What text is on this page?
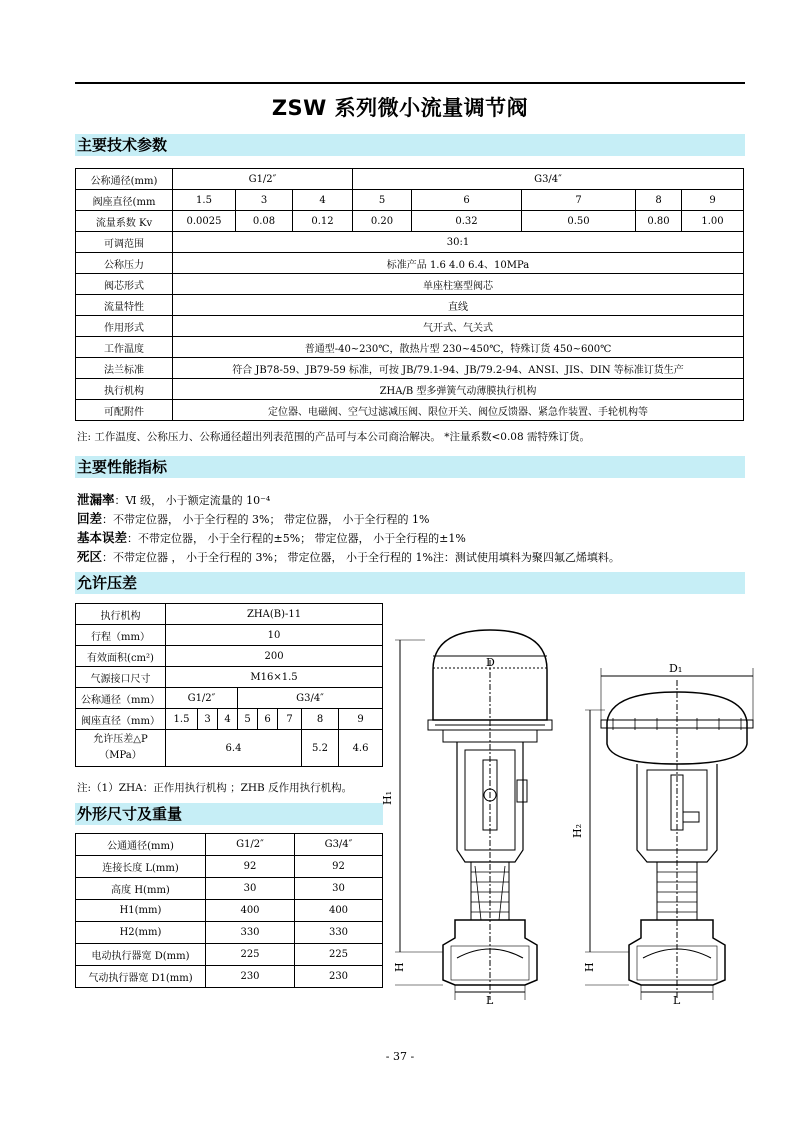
ZSW 系列微小流量调节阀
主要技术参数
公称通径(mm)	G1/2″			G3/4″				
阀座直径(mm	1.5	3	4	5	6	7	8	9
流量系数 Kv	0.0025	0.08	0.12	0.20	0.32	0.50	0.80	1.00
可调范围	30:1							
公称压力	标准产品 1.6 4.0 6.4、10MPa							
阀芯形式	单座柱塞型阀芯							
流量特性	直线							
作用形式	气开式、气关式							
工作温度	普通型-40~230℃，散热片型 230~450℃，特殊订货 450~600℃							
法兰标准	符合 JB78-59、JB79-59 标准，可按 JB/79.1-94、JB/79.2-94、ANSI、JIS、DIN 等标准订货生产							
执行机构	ZHA/B 型多弹簧气动薄膜执行机构							
可配附件	定位器、电磁阀、空气过滤减压阀、限位开关、阀位反馈器、紧急作装置、手轮机构等							
注: 工作温度、公称压力、公称通径超出列表范围的产品可与本公司商洽解决。 *注量系数<0.08 需特殊订货。
主要性能指标
泄漏率：Ⅵ 级， 小于额定流量的 10⁻⁴
回差：不带定位器， 小于全行程的 3%； 带定位器， 小于全行程的 1%
基本误差：不带定位器， 小于全行程的±5%； 带定位器， 小于全行程的±1%
死区：不带定位器 ， 小于全行程的 3%； 带定位器， 小于全行程的 1%注：测试使用填料为聚四氟乙烯填料。
允许压差
执行机构	ZHA(B)-11							
行程（mm）	10							
有效面积(cm²)	200							
气源接口尺寸	M16×1.5							
公称通径（mm）	G1/2″			G3/4″				
阀座直径（mm）	1.5	3	4	5	6	7	8	9

允许压差△P
（MPa）	6.4						5.2	4.6
注:（1）ZHA：正作用执行机构 ；ZHB 反作用执行机构。
外形尺寸及重量
公通通径(mm)	G1/2″	G3/4″
连接长度 L(mm)	92	92
高度 H(mm)	30	30
H1(mm)	400	400
H2(mm)	330	330
电动执行器宽 D(mm)	225	225
气动执行器宽 D1(mm)	230	230
D	D₁
H₁
H₂
H	H
L	L
- 37 -
